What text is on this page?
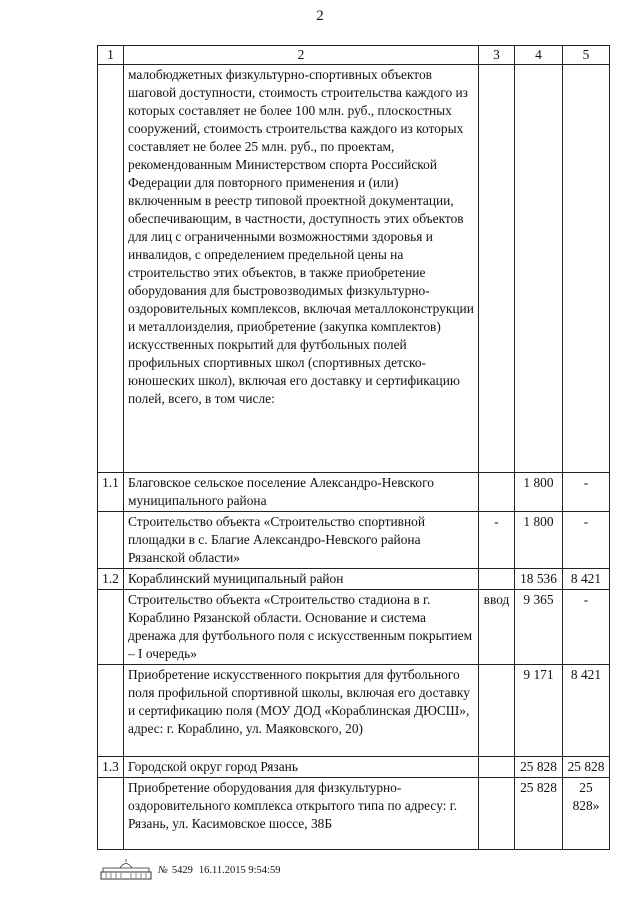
2
1	2	3	4	5
	малобюджетных физкультурно-спортивных объектов шаговой доступности, стоимость строительства каждого из которых составляет не более 100 млн. руб., плоскостных сооружений, стоимость строительства каждого из которых составляет не более 25 млн. руб., по проектам, рекомендованным Министерством спорта Российской Федерации для повторного применения и (или) включенным в реестр типовой проектной документации, обеспечивающим, в частности, доступность этих объектов для лиц с ограниченными возможностями здоровья и инвалидов, с определением предельной цены на строительство этих объектов, в также приобретение оборудования для быстровозводимых физкультурно-оздоровительных комплексов, включая металлоконструкции и металлоизделия, приобретение (закупка комплектов) искусственных покрытий для футбольных полей профильных спортивных школ (спортивных детско-юношеских школ), включая его доставку и сертификацию полей, всего, в том числе:			
1.1	Благовское сельское поселение Александро-Невского муниципального района		1 800	-
	Строительство объекта «Строительство спортивной площадки в с. Благие Александро-Невского района Рязанской области»	-	1 800	-
1.2	Кораблинский муниципальный район		18 536	8 421
	Строительство объекта «Строительство стадиона в г. Кораблино Рязанской области. Основание и система дренажа для футбольного поля с искусственным покрытием – I очередь»	ввод	9 365	-
	Приобретение искусственного покрытия для футбольного поля профильной спортивной школы, включая его доставку и сертификацию поля (МОУ ДОД «Кораблинская ДЮСШ», адрес: г. Кораблино, ул. Маяковского, 20)		9 171	8 421
1.3	Городской округ город Рязань		25 828	25 828
	Приобретение оборудования для физкультурно-оздоровительного комплекса открытого типа по адресу: г. Рязань, ул. Касимовское шоссе, 38Б		25 828	25 828»
№ 5429 16.11.2015 9:54:59
